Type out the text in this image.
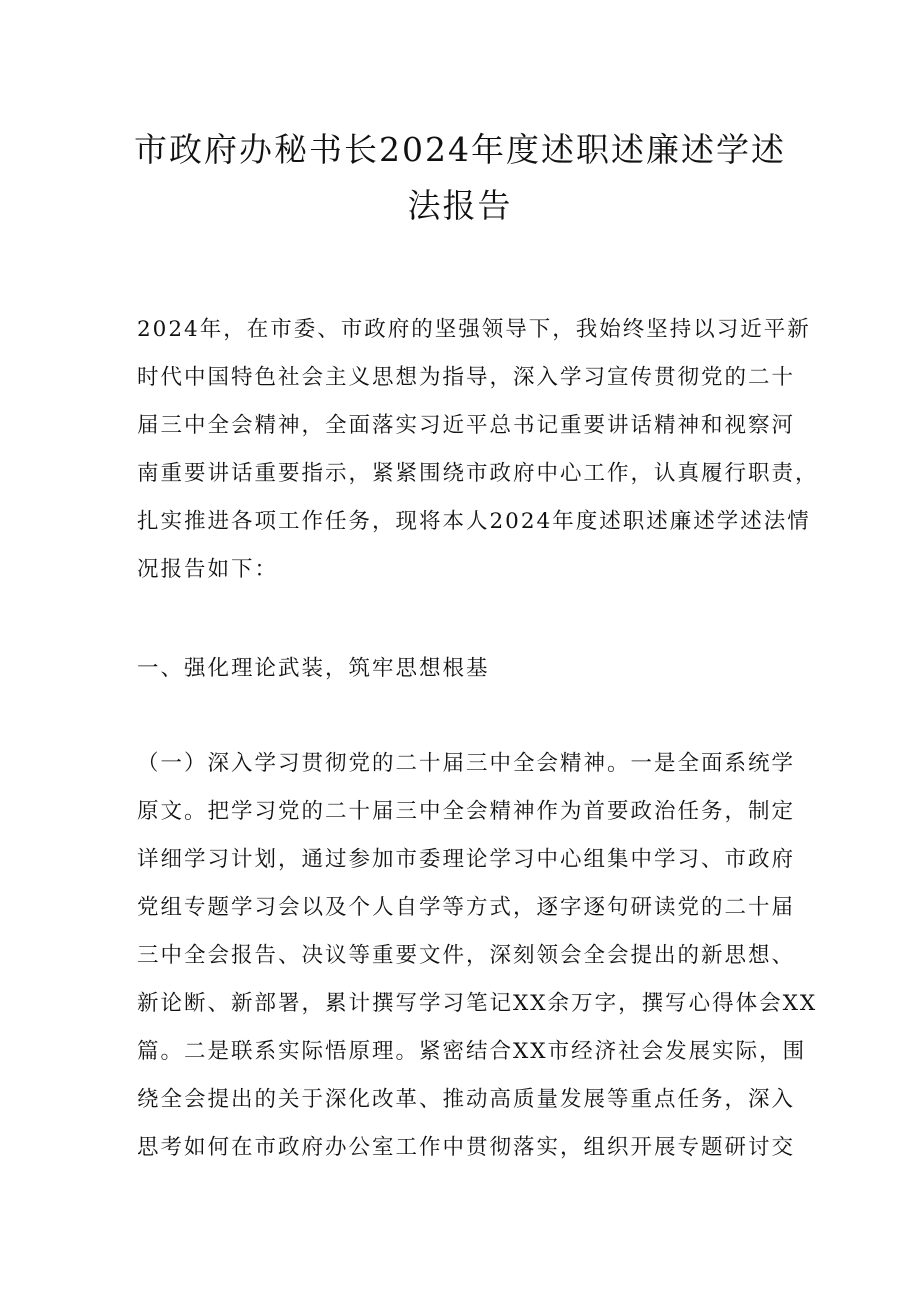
市政府办秘书长2024年度述职述廉述学述
法报告

2024年，在市委、市政府的坚强领导下，我始终坚持以习近平新
时代中国特色社会主义思想为指导，深入学习宣传贯彻党的二十
届三中全会精神，全面落实习近平总书记重要讲话精神和视察河
南重要讲话重要指示，紧紧围绕市政府中心工作，认真履行职责，
扎实推进各项工作任务，现将本人2024年度述职述廉述学述法情
况报告如下：

一、强化理论武装，筑牢思想根基

（一）深入学习贯彻党的二十届三中全会精神。一是全面系统学
原文。把学习党的二十届三中全会精神作为首要政治任务，制定
详细学习计划，通过参加市委理论学习中心组集中学习、市政府
党组专题学习会以及个人自学等方式，逐字逐句研读党的二十届
三中全会报告、决议等重要文件，深刻领会全会提出的新思想、
新论断、新部署，累计撰写学习笔记XX余万字，撰写心得体会XX
篇。二是联系实际悟原理。紧密结合XX市经济社会发展实际，围
绕全会提出的关于深化改革、推动高质量发展等重点任务，深入
思考如何在市政府办公室工作中贯彻落实，组织开展专题研讨交
